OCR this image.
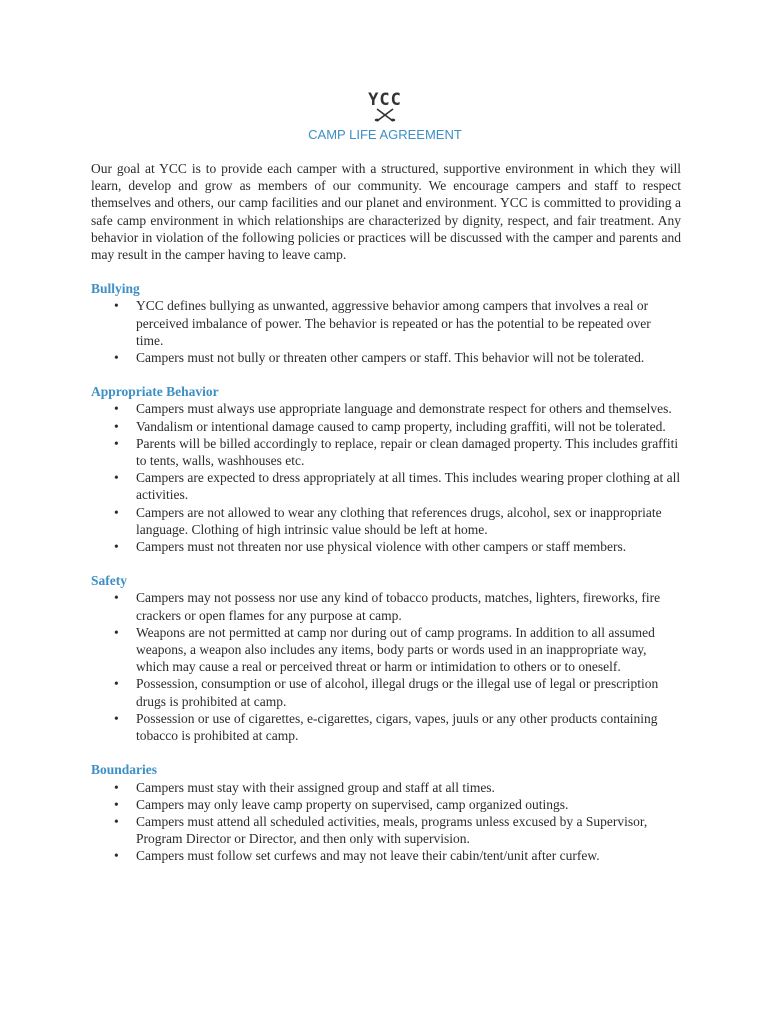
YCC
CAMP LIFE AGREEMENT

Our goal at YCC is to provide each camper with a structured, supportive environment in which they will learn, develop and grow as members of our community. We encourage campers and staff to respect themselves and others, our camp facilities and our planet and environment. YCC is committed to providing a safe camp environment in which relationships are characterized by dignity, respect, and fair treatment. Any behavior in violation of the following policies or practices will be discussed with the camper and parents and may result in the camper having to leave camp.

Bullying

• YCC defines bullying as unwanted, aggressive behavior among campers that involves a real or perceived imbalance of power. The behavior is repeated or has the potential to be repeated over time.
• Campers must not bully or threaten other campers or staff. This behavior will not be tolerated.

Appropriate Behavior

• Campers must always use appropriate language and demonstrate respect for others and themselves.
• Vandalism or intentional damage caused to camp property, including graffiti, will not be tolerated.
• Parents will be billed accordingly to replace, repair or clean damaged property. This includes graffiti to tents, walls, washhouses etc.
• Campers are expected to dress appropriately at all times. This includes wearing proper clothing at all activities.
• Campers are not allowed to wear any clothing that references drugs, alcohol, sex or inappropriate language. Clothing of high intrinsic value should be left at home.
• Campers must not threaten nor use physical violence with other campers or staff members.

Safety

• Campers may not possess nor use any kind of tobacco products, matches, lighters, fireworks, fire crackers or open flames for any purpose at camp.
• Weapons are not permitted at camp nor during out of camp programs. In addition to all assumed weapons, a weapon also includes any items, body parts or words used in an inappropriate way, which may cause a real or perceived threat or harm or intimidation to others or to oneself.
• Possession, consumption or use of alcohol, illegal drugs or the illegal use of legal or prescription drugs is prohibited at camp.
• Possession or use of cigarettes, e-cigarettes, cigars, vapes, juuls or any other products containing tobacco is prohibited at camp.

Boundaries

• Campers must stay with their assigned group and staff at all times.
• Campers may only leave camp property on supervised, camp organized outings.
• Campers must attend all scheduled activities, meals, programs unless excused by a Supervisor, Program Director or Director, and then only with supervision.
• Campers must follow set curfews and may not leave their cabin/tent/unit after curfew.
